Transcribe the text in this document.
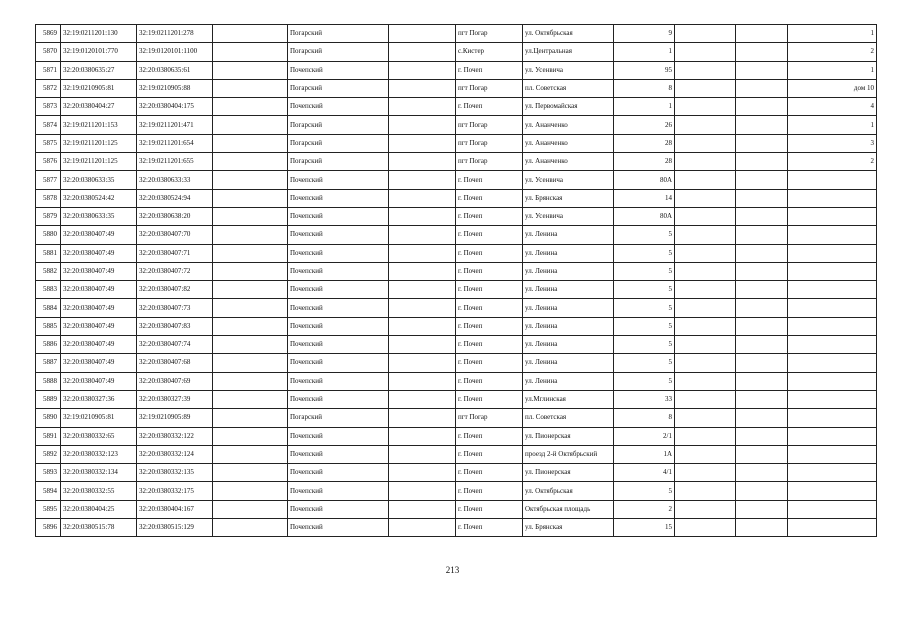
5869	32:19:0211201:130	32:19:0211201:278		Погарский		пгт Погар	ул. Октябрьская	9			1
5870	32:19:0120101:770	32:19:0120101:1100		Погарский		с.Кистер	ул.Центральная	1			2
5871	32:20:0380635:27	32:20:0380635:61		Почепский		г. Почеп	ул. Усенвича	95			1
5872	32:19:0210905:81	32:19:0210905:88		Погарский		пгт Погар	пл. Советская	8			дом 10
5873	32:20:0380404:27	32:20:0380404:175		Почепский		г. Почеп	ул. Первомайская	1			4
5874	32:19:0211201:153	32:19:0211201:471		Погарский		пгт Погар	ул. Ананченко	26			1
5875	32:19:0211201:125	32:19:0211201:654		Погарский		пгт Погар	ул. Ананченко	28			3
5876	32:19:0211201:125	32:19:0211201:655		Погарский		пгт Погар	ул. Ананченко	28			2
5877	32:20:0380633:35	32:20:0380633:33		Почепский		г. Почеп	ул. Усенвича	80А			
5878	32:20:0380524:42	32:20:0380524:94		Почепский		г. Почеп	ул. Брянская	14			
5879	32:20:0380633:35	32:20:0380638:20		Почепский		г. Почеп	ул. Усенвича	80А			
5880	32:20:0380407:49	32:20:0380407:70		Почепский		г. Почеп	ул. Ленина	5			
5881	32:20:0380407:49	32:20:0380407:71		Почепский		г. Почеп	ул. Ленина	5			
5882	32:20:0380407:49	32:20:0380407:72		Почепский		г. Почеп	ул. Ленина	5			
5883	32:20:0380407:49	32:20:0380407:82		Почепский		г. Почеп	ул. Ленина	5			
5884	32:20:0380407:49	32:20:0380407:73		Почепский		г. Почеп	ул. Ленина	5			
5885	32:20:0380407:49	32:20:0380407:83		Почепский		г. Почеп	ул. Ленина	5			
5886	32:20:0380407:49	32:20:0380407:74		Почепский		г. Почеп	ул. Ленина	5			
5887	32:20:0380407:49	32:20:0380407:68		Почепский		г. Почеп	ул. Ленина	5			
5888	32:20:0380407:49	32:20:0380407:69		Почепский		г. Почеп	ул. Ленина	5			
5889	32:20:0380327:36	32:20:0380327:39		Почепский		г. Почеп	ул.Мглинская	33			
5890	32:19:0210905:81	32:19:0210905:89		Погарский		пгт Погар	пл. Советская	8			
5891	32:20:0380332:65	32:20:0380332:122		Почепский		г. Почеп	ул. Пионерская	2/1			
5892	32:20:0380332:123	32:20:0380332:124		Почепский		г. Почеп	проезд 2-й Октябрьский	1А			
5893	32:20:0380332:134	32:20:0380332:135		Почепский		г. Почеп	ул. Пионерская	4/1			
5894	32:20:0380332:55	32:20:0380332:175		Почепский		г. Почеп	ул. Октябрьская	5			
5895	32:20:0380404:25	32:20:0380404:167		Почепский		г. Почеп	Октябрьская площадь	2			
5896	32:20:0380515:78	32:20:0380515:129		Почепский		г. Почеп	ул. Брянская	15			
213
